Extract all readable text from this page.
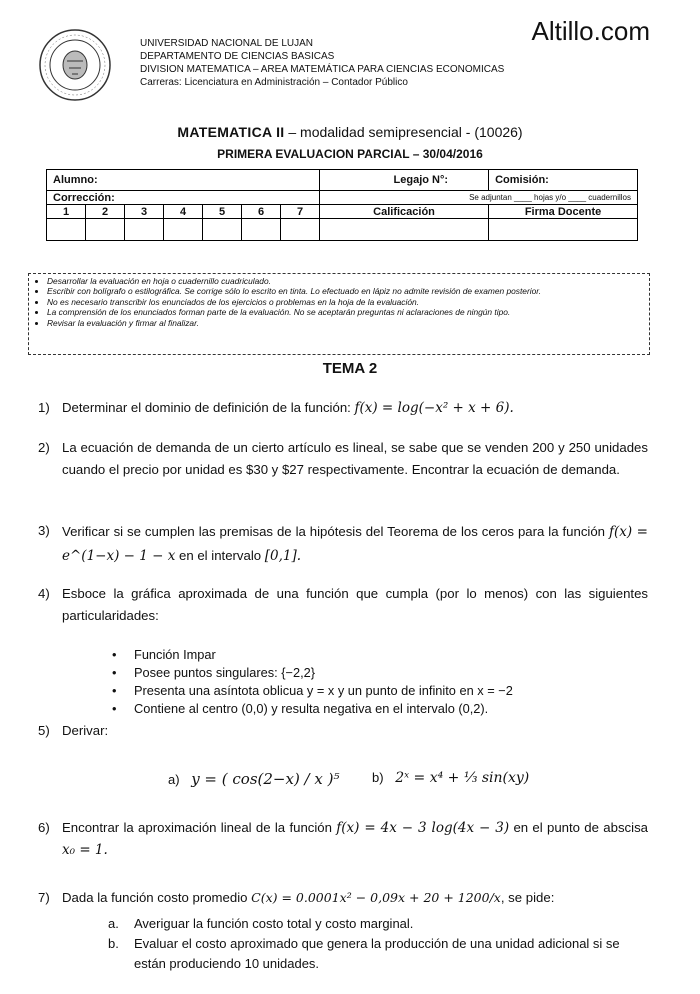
Altillo.com
UNIVERSIDAD NACIONAL DE LUJAN
DEPARTAMENTO DE CIENCIAS BASICAS
DIVISION MATEMATICA – AREA MATEMÁTICA PARA CIENCIAS ECONOMICAS
Carreras: Licenciatura en Administración – Contador Público
MATEMATICA II – modalidad semipresencial - (10026)
PRIMERA EVALUACION PARCIAL – 30/04/2016
Alumno:							Legajo N°:	Comisión:
Corrección:							Se adjuntan ____ hojas y/o ____ cuadernillos	
1	2	3	4	5	6	7	Calificación	Firma Docente

• Desarrollar la evaluación en hoja o cuadernillo cuadriculado.
• Escribir con bolígrafo o estilográfica. Se corrige sólo lo escrito en tinta. Lo efectuado en lápiz no admite revisión de examen posterior.
• No es necesario transcribir los enunciados de los ejercicios o problemas en la hoja de la evaluación.
• La comprensión de los enunciados forman parte de la evaluación. No se aceptarán preguntas ni aclaraciones de ningún tipo.
• Revisar la evaluación y firmar al finalizar.
TEMA 2
1) Determinar el dominio de definición de la función: f(x) = log(−x² + x + 6).
2) La ecuación de demanda de un cierto artículo es lineal, se sabe que se venden 200 y 250 unidades cuando el precio por unidad es $30 y $27 respectivamente. Encontrar la ecuación de demanda.
3) Verificar si se cumplen las premisas de la hipótesis del Teorema de los ceros para la función f(x) = e^(1−x) − 1 − x en el intervalo [0,1].
4) Esboce la gráfica aproximada de una función que cumpla (por lo menos) con las siguientes particularidades:
• Función Impar
• Posee puntos singulares: {−2,2}
• Presenta una asíntota oblicua y = x y un punto de infinito en x = −2
• Contiene al centro (0,0) y resulta negativa en el intervalo (0,2).
5) Derivar:
a) y = ( cos(2−x) / x )⁵	b) 2ˣ = x⁴ + ⅓ sin(xy)
6) Encontrar la aproximación lineal de la función f(x) = 4x − 3 log(4x − 3) en el punto de abscisa x₀ = 1.
7) Dada la función costo promedio C(x) = 0.0001x² − 0,09x + 20 + 1200/x, se pide:
a. Averiguar la función costo total y costo marginal.
b. Evaluar el costo aproximado que genera la producción de una unidad adicional si se están produciendo 10 unidades.
